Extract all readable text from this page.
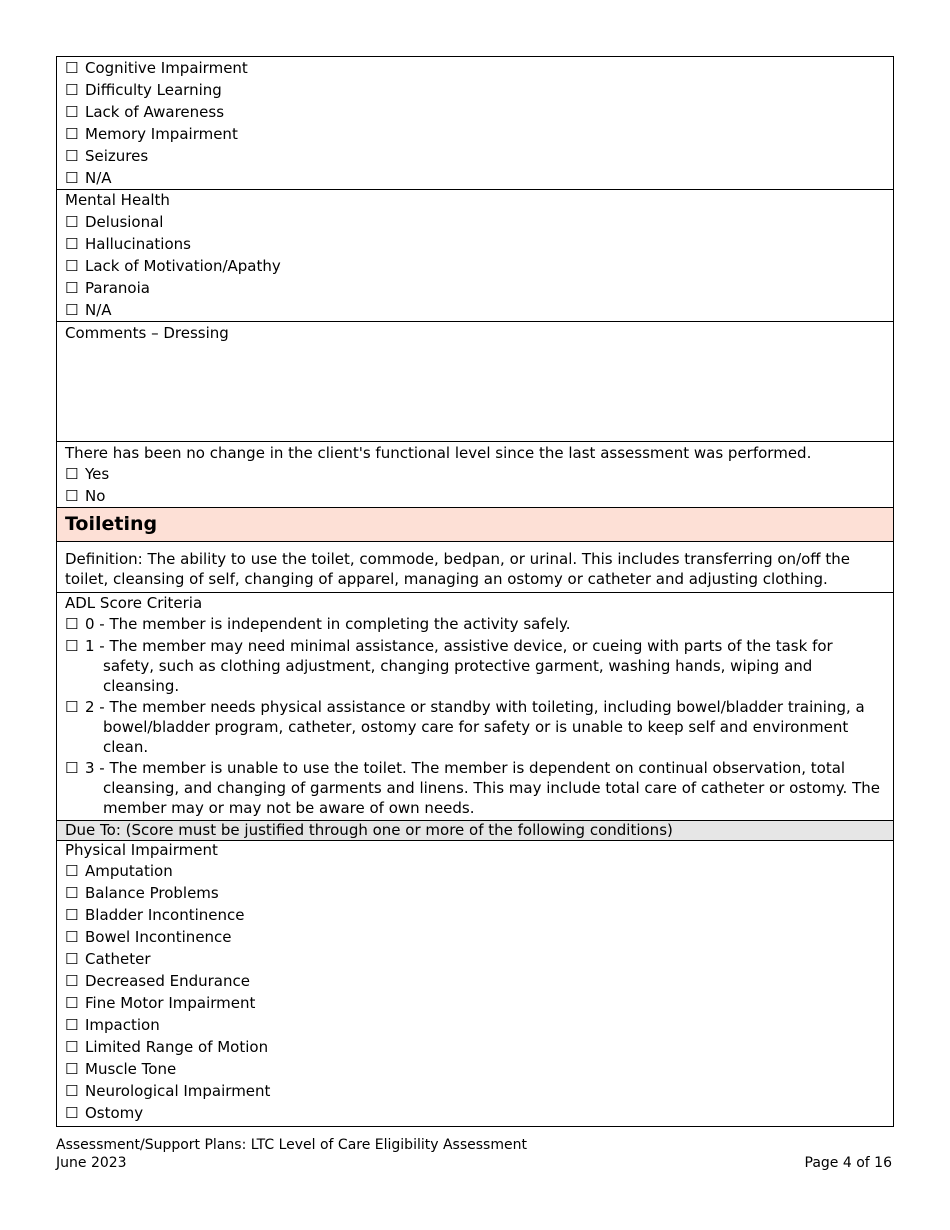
☐ Cognitive Impairment
☐ Difficulty Learning
☐ Lack of Awareness
☐ Memory Impairment
☐ Seizures
☐ N/A
Mental Health
☐ Delusional
☐ Hallucinations
☐ Lack of Motivation/Apathy
☐ Paranoia
☐ N/A
Comments – Dressing
There has been no change in the client's functional level since the last assessment was performed.
☐ Yes
☐ No
Toileting
Definition: The ability to use the toilet, commode, bedpan, or urinal. This includes transferring on/off the toilet, cleansing of self, changing of apparel, managing an ostomy or catheter and adjusting clothing.
ADL Score Criteria
☐ 0 - The member is independent in completing the activity safely.
☐ 1 - The member may need minimal assistance, assistive device, or cueing with parts of the task for safety, such as clothing adjustment, changing protective garment, washing hands, wiping and cleansing.
☐ 2 - The member needs physical assistance or standby with toileting, including bowel/bladder training, a bowel/bladder program, catheter, ostomy care for safety or is unable to keep self and environment clean.
☐ 3 - The member is unable to use the toilet. The member is dependent on continual observation, total cleansing, and changing of garments and linens. This may include total care of catheter or ostomy. The member may or may not be aware of own needs.
Due To: (Score must be justified through one or more of the following conditions)
Physical Impairment
☐ Amputation
☐ Balance Problems
☐ Bladder Incontinence
☐ Bowel Incontinence
☐ Catheter
☐ Decreased Endurance
☐ Fine Motor Impairment
☐ Impaction
☐ Limited Range of Motion
☐ Muscle Tone
☐ Neurological Impairment
☐ Ostomy
Assessment/Support Plans: LTC Level of Care Eligibility Assessment
June 2023	Page 4 of 16
